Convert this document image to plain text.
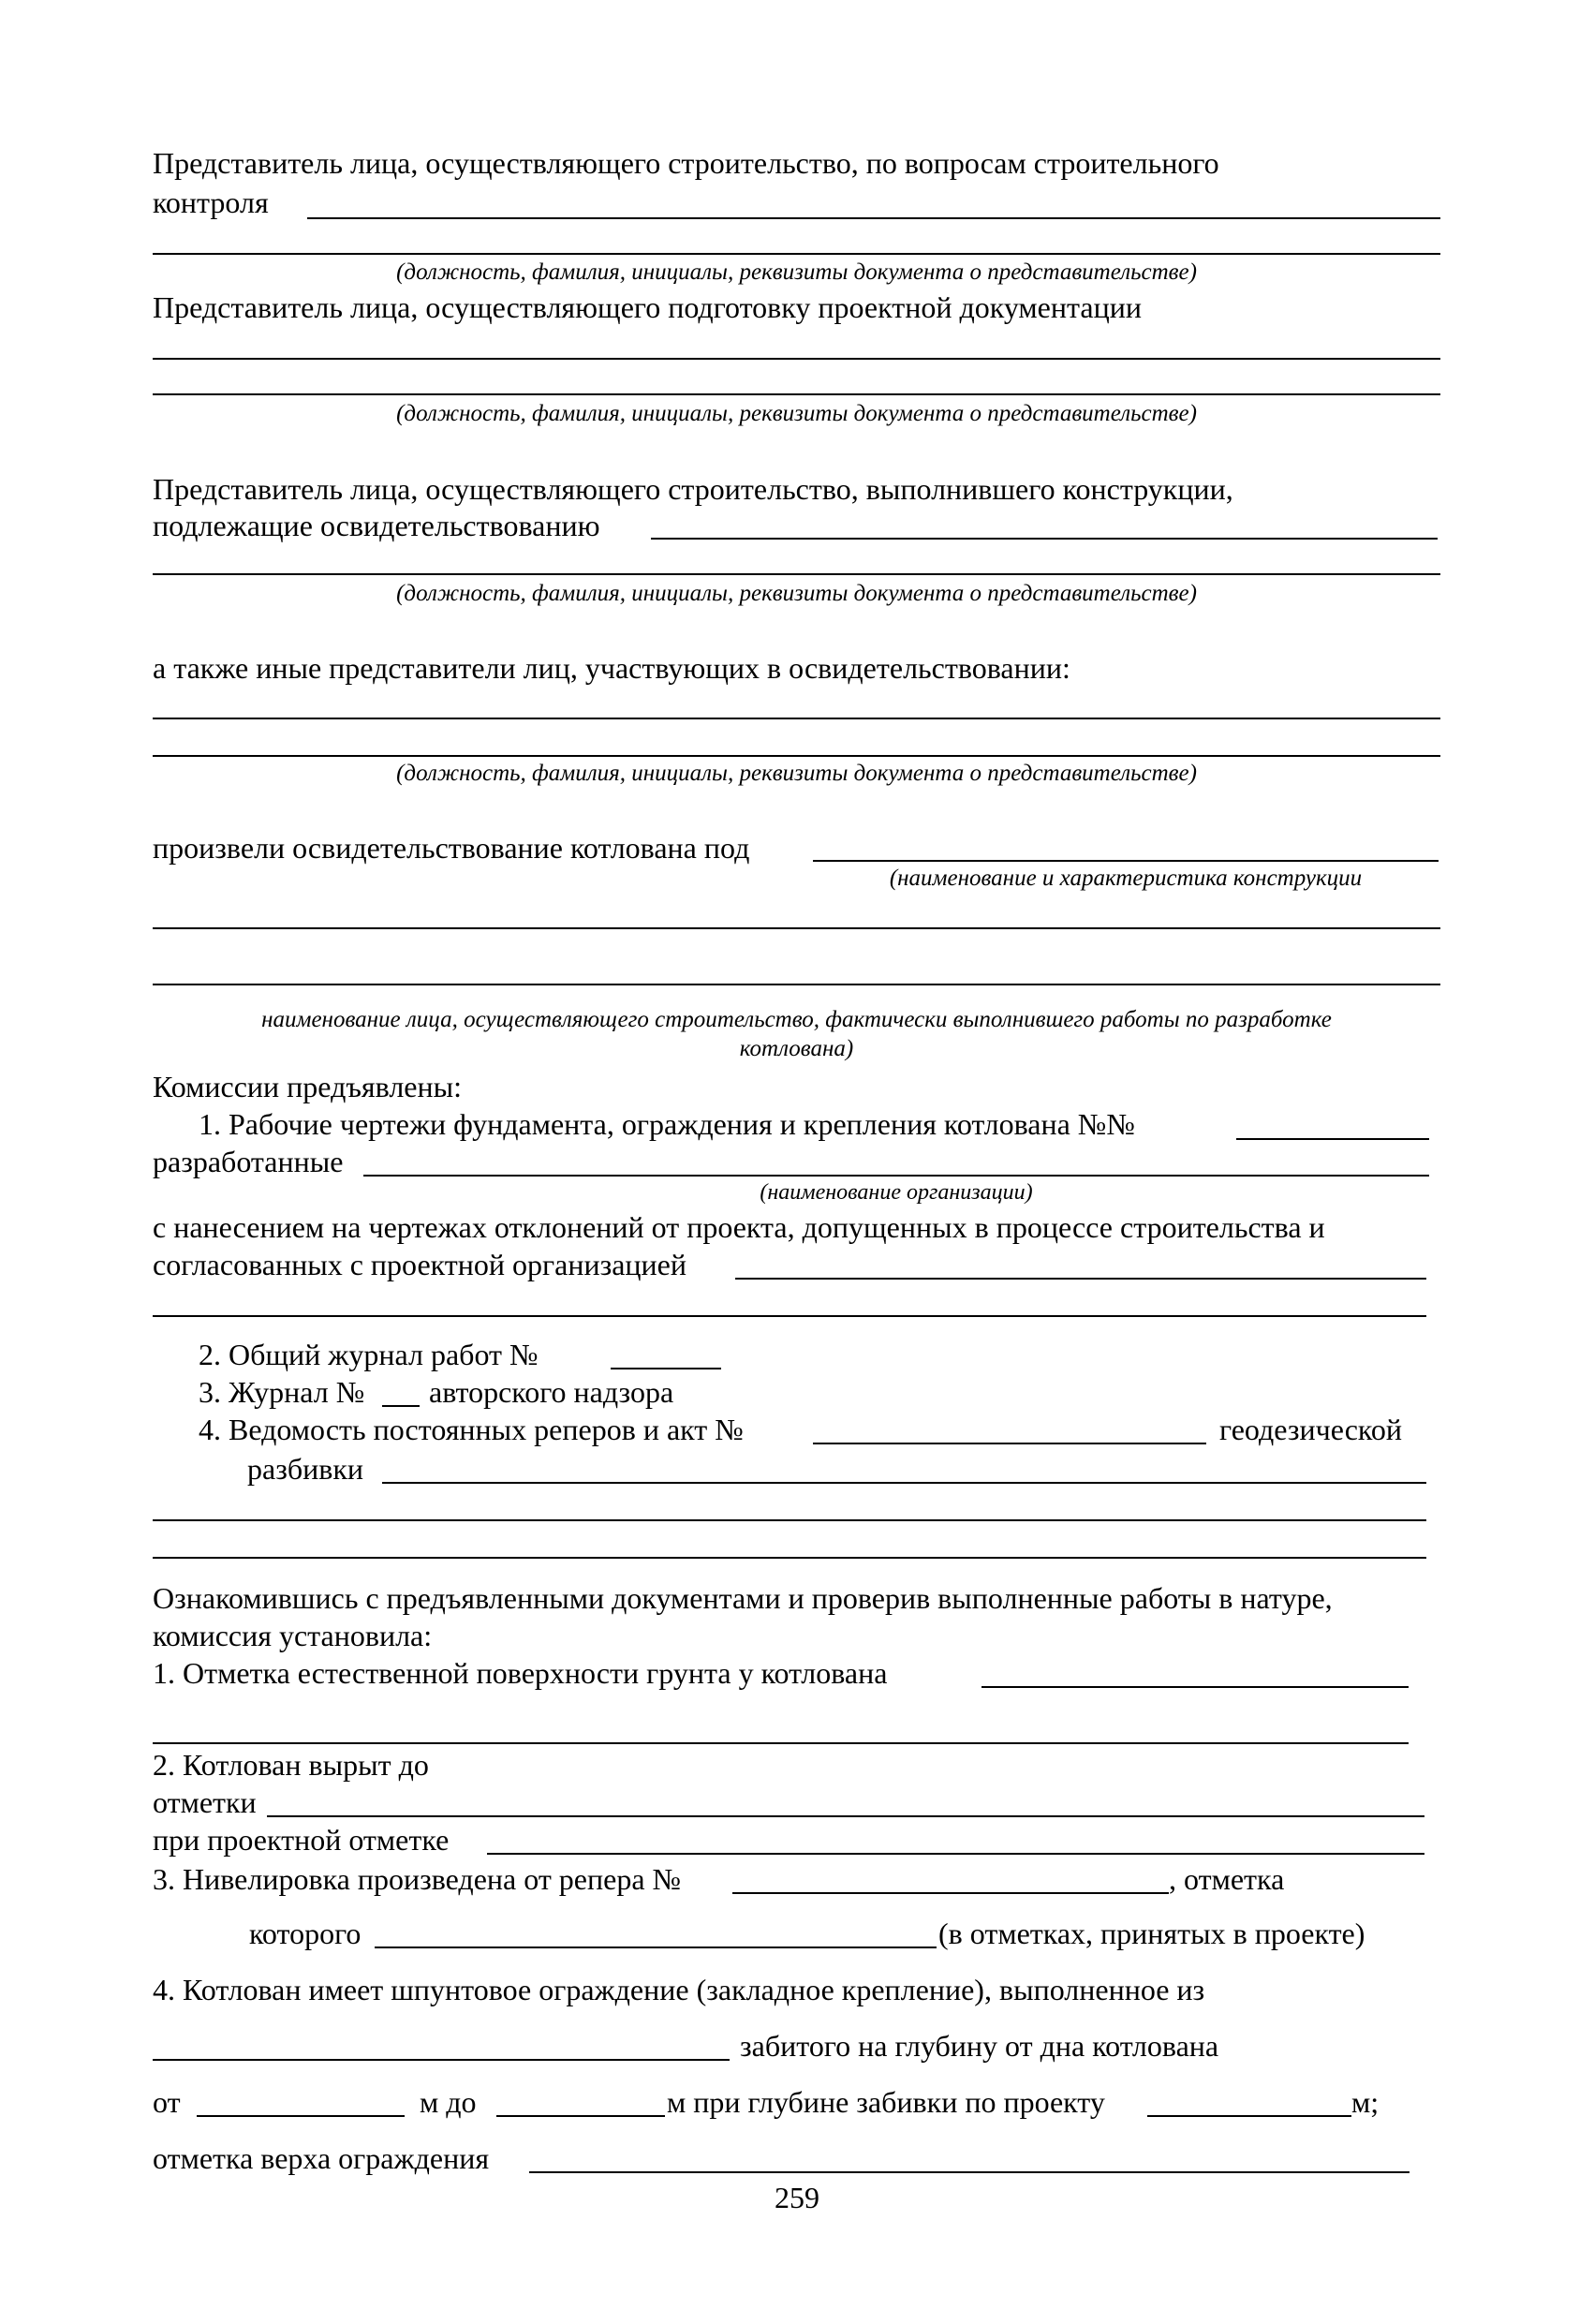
Представитель лица, осуществляющего строительство, по вопросам строительного
контроля
(должность, фамилия, инициалы, реквизиты документа о представительстве)
Представитель лица, осуществляющего подготовку проектной документации
(должность, фамилия, инициалы, реквизиты документа о представительстве)
Представитель лица, осуществляющего строительство, выполнившего конструкции,
подлежащие освидетельствованию
(должность, фамилия, инициалы, реквизиты документа о представительстве)
а также иные представители лиц, участвующих в освидетельствовании:
(должность, фамилия, инициалы, реквизиты документа о представительстве)
произвели освидетельствование котлована под
(наименование и характеристика конструкции
наименование лица, осуществляющего строительство, фактически выполнившего работы по разработке
котлована)
Комиссии предъявлены:
1. Рабочие чертежи фундамента, ограждения и крепления котлована №№
разработанные
(наименование организации)
с нанесением на чертежах отклонений от проекта, допущенных в процессе строительства и
согласованных с проектной организацией
2. Общий журнал работ №
3. Журнал № авторского надзора
4. Ведомость постоянных реперов и акт №	геодезической
разбивки
Ознакомившись с предъявленными документами и проверив выполненные работы в натуре,
комиссия установила:
1. Отметка естественной поверхности грунта у котлована
2. Котлован вырыт до
отметки
при проектной отметке
3. Нивелировка произведена от репера №	, отметка
которого	(в отметках, принятых в проекте)
4. Котлован имеет шпунтовое ограждение (закладное крепление), выполненное из
забитого на глубину от дна котлована
от	м до	м при глубине забивки по проекту	м;
отметка верха ограждения
259
